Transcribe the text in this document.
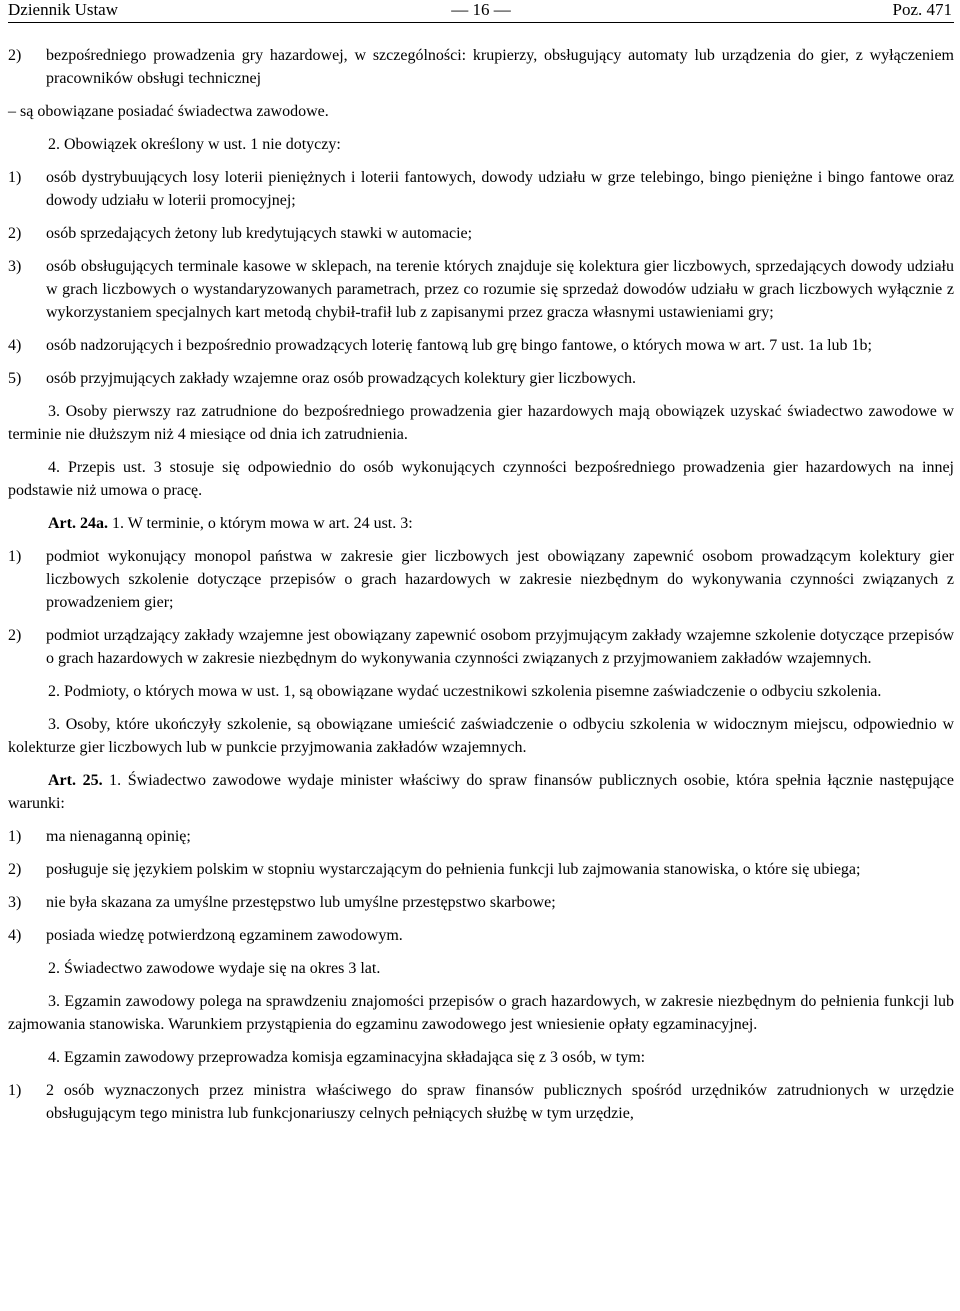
Dziennik Ustaw	— 16 —	Poz. 471
2)	bezpośredniego prowadzenia gry hazardowej, w szczególności: krupierzy, obsługujący automaty lub urządzenia do gier, z wyłączeniem pracowników obsługi technicznej

– są obowiązane posiadać świadectwa zawodowe.

2. Obowiązek określony w ust. 1 nie dotyczy:

1)	osób dystrybuujących losy loterii pieniężnych i loterii fantowych, dowody udziału w grze telebingo, bingo pieniężne i bingo fantowe oraz dowody udziału w loterii promocyjnej;
2)	osób sprzedających żetony lub kredytujących stawki w automacie;
3)	osób obsługujących terminale kasowe w sklepach, na terenie których znajduje się kolektura gier liczbowych, sprzedających dowody udziału w grach liczbowych o wystandaryzowanych parametrach, przez co rozumie się sprzedaż dowodów udziału w grach liczbowych wyłącznie z wykorzystaniem specjalnych kart metodą chybił-trafił lub z zapisanymi przez gracza własnymi ustawieniami gry;
4)	osób nadzorujących i bezpośrednio prowadzących loterię fantową lub grę bingo fantowe, o których mowa w art. 7 ust. 1a lub 1b;
5)	osób przyjmujących zakłady wzajemne oraz osób prowadzących kolektury gier liczbowych.

3. Osoby pierwszy raz zatrudnione do bezpośredniego prowadzenia gier hazardowych mają obowiązek uzyskać świadectwo zawodowe w terminie nie dłuższym niż 4 miesiące od dnia ich zatrudnienia.

4. Przepis ust. 3 stosuje się odpowiednio do osób wykonujących czynności bezpośredniego prowadzenia gier hazardowych na innej podstawie niż umowa o pracę.

Art. 24a. 1. W terminie, o którym mowa w art. 24 ust. 3:

1)	podmiot wykonujący monopol państwa w zakresie gier liczbowych jest obowiązany zapewnić osobom prowadzącym kolektury gier liczbowych szkolenie dotyczące przepisów o grach hazardowych w zakresie niezbędnym do wykonywania czynności związanych z prowadzeniem gier;
2)	podmiot urządzający zakłady wzajemne jest obowiązany zapewnić osobom przyjmującym zakłady wzajemne szkolenie dotyczące przepisów o grach hazardowych w zakresie niezbędnym do wykonywania czynności związanych z przyjmowaniem zakładów wzajemnych.

2. Podmioty, o których mowa w ust. 1, są obowiązane wydać uczestnikowi szkolenia pisemne zaświadczenie o odbyciu szkolenia.

3. Osoby, które ukończyły szkolenie, są obowiązane umieścić zaświadczenie o odbyciu szkolenia w widocznym miejscu, odpowiednio w kolekturze gier liczbowych lub w punkcie przyjmowania zakładów wzajemnych.

Art. 25. 1. Świadectwo zawodowe wydaje minister właściwy do spraw finansów publicznych osobie, która spełnia łącznie następujące warunki:

1)	ma nienaganną opinię;
2)	posługuje się językiem polskim w stopniu wystarczającym do pełnienia funkcji lub zajmowania stanowiska, o które się ubiega;
3)	nie była skazana za umyślne przestępstwo lub umyślne przestępstwo skarbowe;
4)	posiada wiedzę potwierdzoną egzaminem zawodowym.

2. Świadectwo zawodowe wydaje się na okres 3 lat.

3. Egzamin zawodowy polega na sprawdzeniu znajomości przepisów o grach hazardowych, w zakresie niezbędnym do pełnienia funkcji lub zajmowania stanowiska. Warunkiem przystąpienia do egzaminu zawodowego jest wniesienie opłaty egzaminacyjnej.

4. Egzamin zawodowy przeprowadza komisja egzaminacyjna składająca się z 3 osób, w tym:

1)	2 osób wyznaczonych przez ministra właściwego do spraw finansów publicznych spośród urzędników zatrudnionych w urzędzie obsługującym tego ministra lub funkcjonariuszy celnych pełniących służbę w tym urzędzie,
